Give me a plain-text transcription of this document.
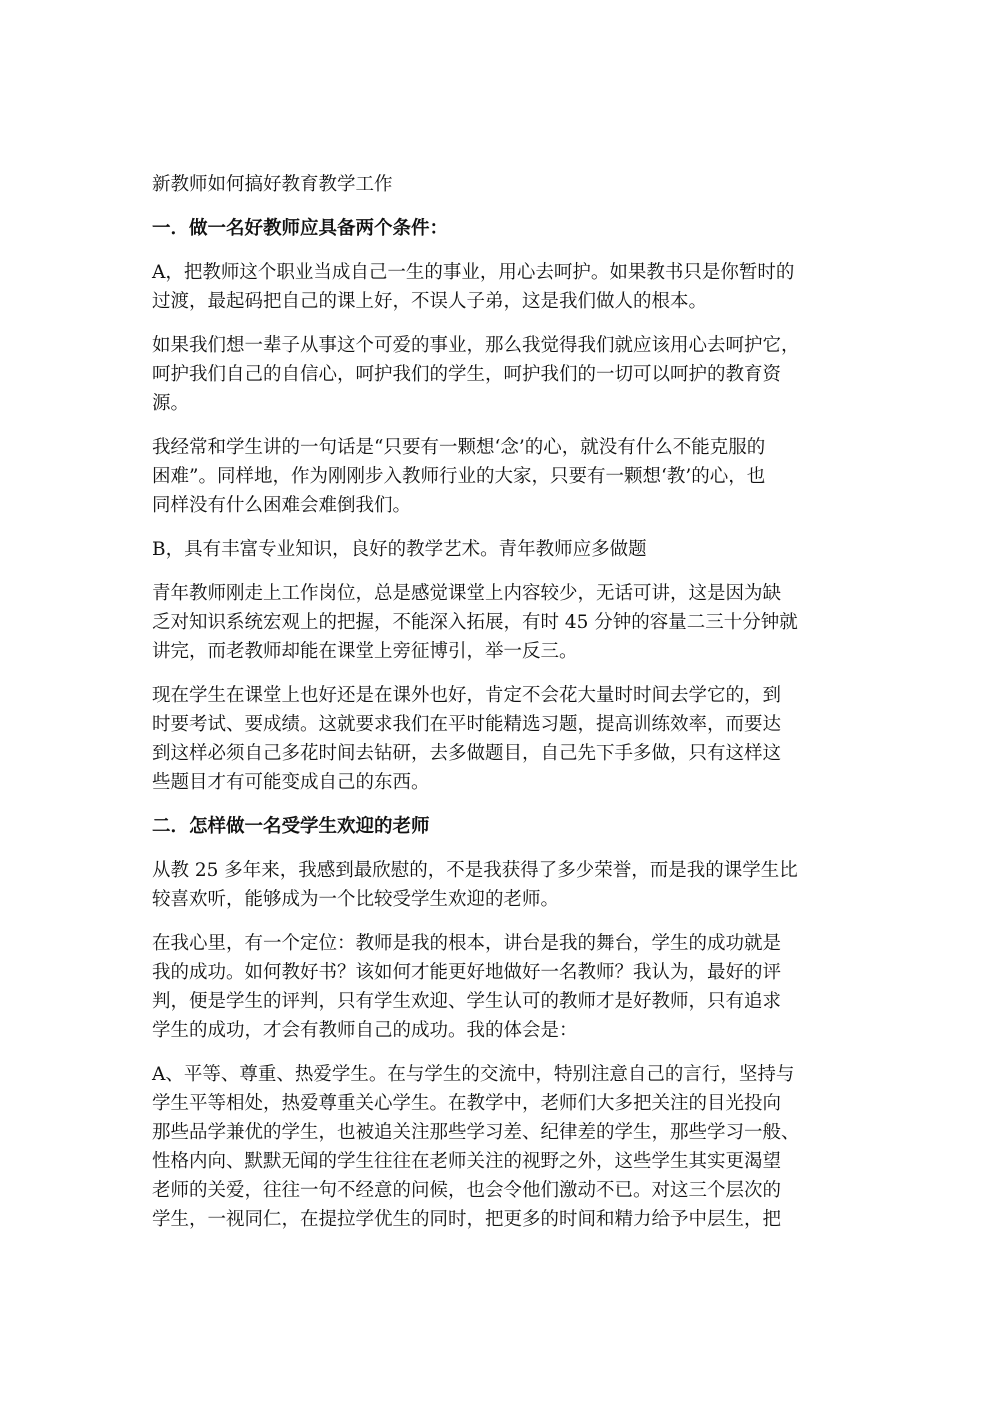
新教师如何搞好教育教学工作
一．做一名好教师应具备两个条件：
A，把教师这个职业当成自己一生的事业，用心去呵护。如果教书只是你暂时的
过渡，最起码把自己的课上好，不误人子弟，这是我们做人的根本。
如果我们想一辈子从事这个可爱的事业，那么我觉得我们就应该用心去呵护它，
呵护我们自己的自信心，呵护我们的学生，呵护我们的一切可以呵护的教育资
源。
我经常和学生讲的一句话是“只要有一颗想‘念’的心，就没有什么不能克服的
困难”。同样地，作为刚刚步入教师行业的大家，只要有一颗想‘教’的心，也
同样没有什么困难会难倒我们。
B，具有丰富专业知识，良好的教学艺术。青年教师应多做题
青年教师刚走上工作岗位，总是感觉课堂上内容较少，无话可讲，这是因为缺
乏对知识系统宏观上的把握，不能深入拓展，有时 45 分钟的容量二三十分钟就
讲完，而老教师却能在课堂上旁征博引，举一反三。
现在学生在课堂上也好还是在课外也好，肯定不会花大量时时间去学它的，到
时要考试、要成绩。这就要求我们在平时能精选习题，提高训练效率，而要达
到这样必须自己多花时间去钻研，去多做题目，自己先下手多做，只有这样这
些题目才有可能变成自己的东西。
二．怎样做一名受学生欢迎的老师
从教 25 多年来，我感到最欣慰的，不是我获得了多少荣誉，而是我的课学生比
较喜欢听，能够成为一个比较受学生欢迎的老师。
在我心里，有一个定位：教师是我的根本，讲台是我的舞台，学生的成功就是
我的成功。如何教好书？该如何才能更好地做好一名教师？我认为，最好的评
判，便是学生的评判，只有学生欢迎、学生认可的教师才是好教师，只有追求
学生的成功，才会有教师自己的成功。我的体会是：
A、平等、尊重、热爱学生。在与学生的交流中，特别注意自己的言行，坚持与
学生平等相处，热爱尊重关心学生。在教学中，老师们大多把关注的目光投向
那些品学兼优的学生，也被追关注那些学习差、纪律差的学生，那些学习一般、
性格内向、默默无闻的学生往往在老师关注的视野之外，这些学生其实更渴望
老师的关爱，往往一句不经意的问候，也会令他们激动不已。对这三个层次的
学生，一视同仁，在提拉学优生的同时，把更多的时间和精力给予中层生，把
